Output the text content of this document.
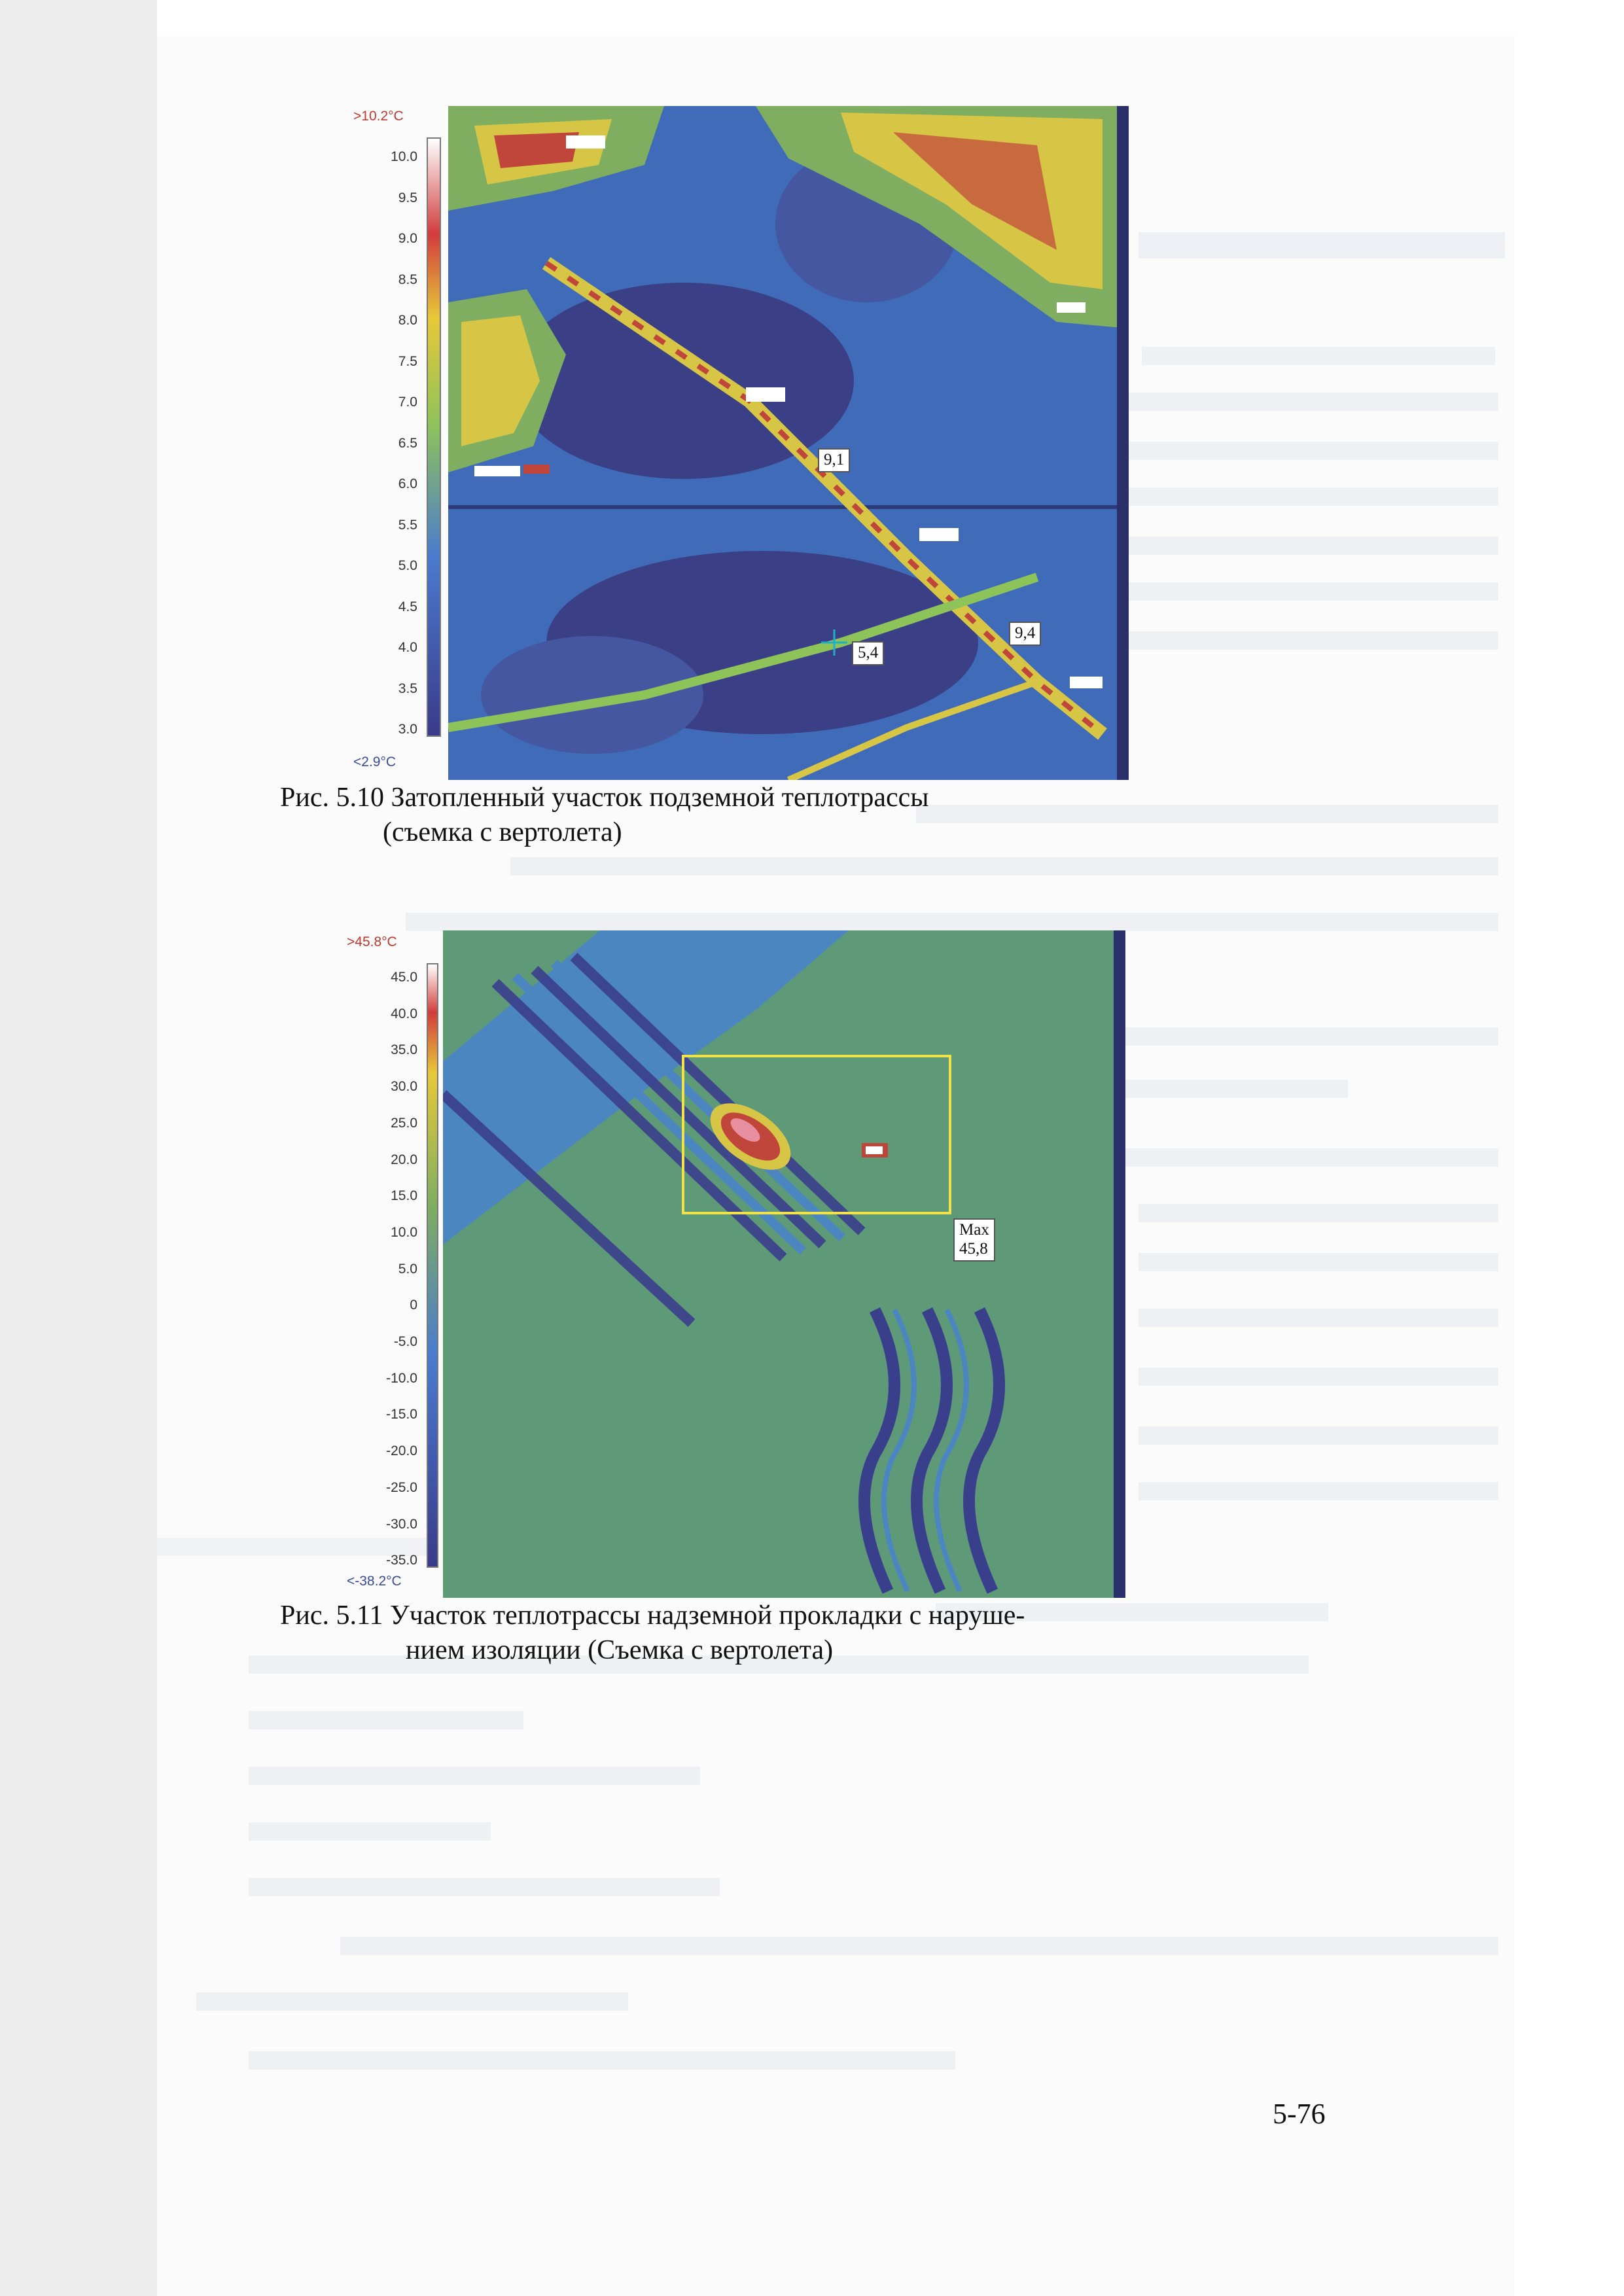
>10.2°C
<2.9°C
10.0
9.5
9.0
8.5
8.0
7.5
7.0
6.5
6.0
5.5
5.0
4.5
4.0
3.5
3.0
9,1
9,4
5,4
Рис. 5.10 Затопленный участок подземной теплотрассы
(съемка с вертолета)
>45.8°C
<-38.2°C
45.0
40.0
35.0
30.0
25.0
20.0
15.0
10.0
5.0
0
-5.0
-10.0
-15.0
-20.0
-25.0
-30.0
-35.0
Max
45,8
Рис. 5.11 Участок теплотрассы надземной прокладки с наруше-
нием изоляции (Съемка с вертолета)
5-76
